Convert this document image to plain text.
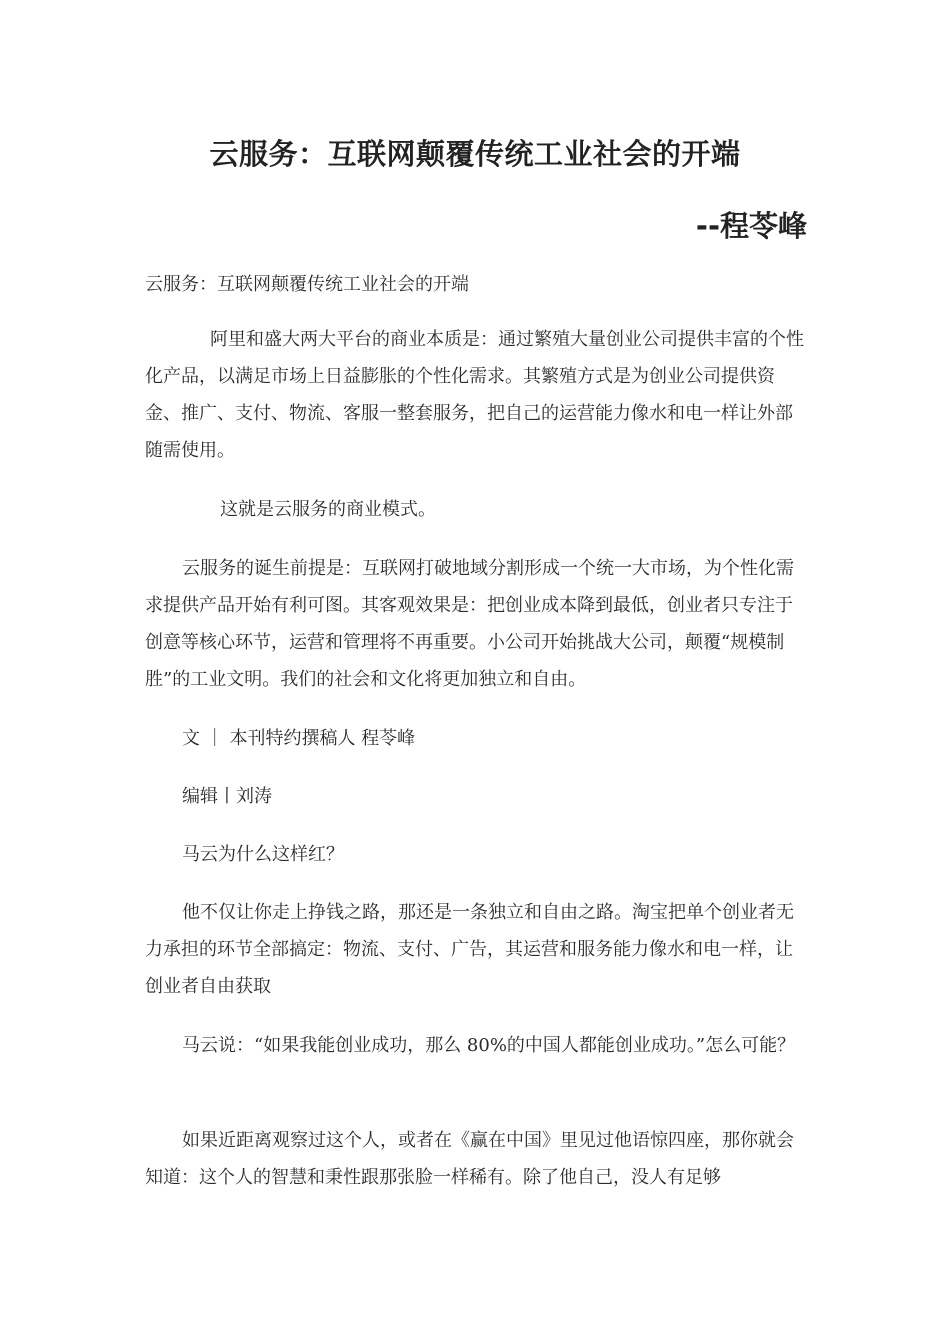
云服务：互联网颠覆传统工业社会的开端
--程苓峰

云服务：互联网颠覆传统工业社会的开端

阿里和盛大两大平台的商业本质是：通过繁殖大量创业公司提供丰富的个性化产品，以满足市场上日益膨胀的个性化需求。其繁殖方式是为创业公司提供资金、推广、支付、物流、客服一整套服务，把自己的运营能力像水和电一样让外部随需使用。

这就是云服务的商业模式。

云服务的诞生前提是：互联网打破地域分割形成一个统一大市场，为个性化需求提供产品开始有利可图。其客观效果是：把创业成本降到最低，创业者只专注于创意等核心环节，运营和管理将不再重要。小公司开始挑战大公司，颠覆“规模制胜”的工业文明。我们的社会和文化将更加独立和自由。

文 ｜ 本刊特约撰稿人 程苓峰

编辑丨刘涛

马云为什么这样红？

他不仅让你走上挣钱之路，那还是一条独立和自由之路。淘宝把单个创业者无力承担的环节全部搞定：物流、支付、广告，其运营和服务能力像水和电一样，让创业者自由获取

马云说：“如果我能创业成功，那么 80%的中国人都能创业成功。”怎么可能？

如果近距离观察过这个人，或者在《赢在中国》里见过他语惊四座，那你就会知道：这个人的智慧和秉性跟那张脸一样稀有。除了他自己，没人有足够
